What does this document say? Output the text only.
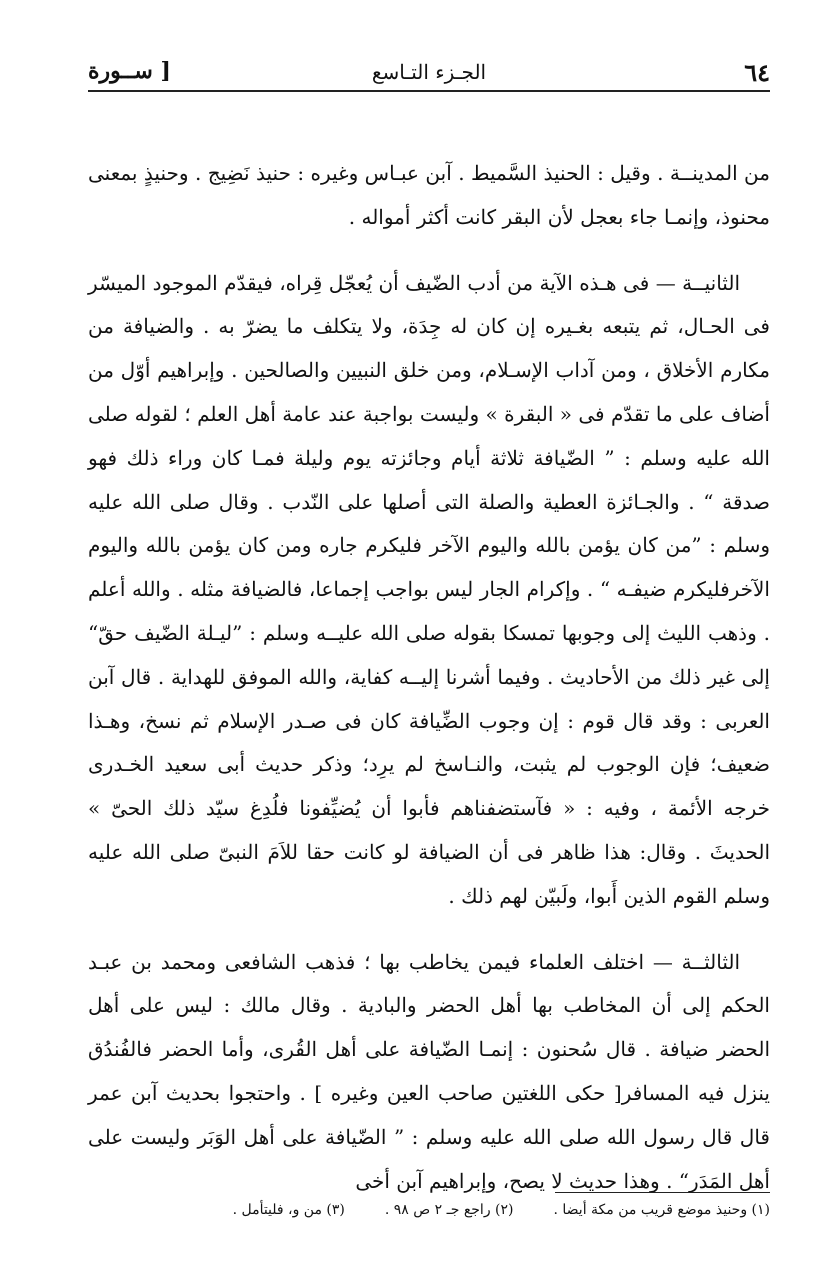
٦٤
الجـزء التـاسع
[ ســورة

من المدينــة . وقيل : الحنيذ السَّميط . آبن عبـاس وغيره : حنيذ نَضِيج . وحنيذٍ بمعنى محنوذ، وإنمـا جاء بعجل لأن البقر كانت أكثر أمواله .

الثانيــة — فى هـذه الآية من أدب الضّيف أن يُعجّل قِراه، فيقدّم الموجود الميسّر فى الحـال، ثم يتبعه بغـيره إن كان له جِدَة، ولا يتكلف ما يضرّ به . والضيافة من مكارم الأخلاق ، ومن آداب الإسـلام، ومن خلق النبيين والصالحين . وإبراهيم أوّل من أضاف على ما تقدّم فى « البقرة » وليست بواجبة عند عامة أهل العلم ؛ لقوله صلى الله عليه وسلم : ” الضّيافة ثلاثة أيام وجائزته يوم وليلة فمـا كان وراء ذلك فهو صدقة “ . والجـائزة العطية والصلة التى أصلها على النّدب . وقال صلى الله عليه وسلم : ”من كان يؤمن بالله واليوم الآخر فليكرم جاره ومن كان يؤمن بالله واليوم الآخرفليكرم ضيفـه “ . وإكرام الجار ليس بواجب إجماعا، فالضيافة مثله . والله أعلم . وذهب الليث إلى وجوبها تمسكا بقوله صلى الله عليــه وسلم : ”ليـلة الضّيف حقّ“ إلى غير ذلك من الأحاديث . وفيما أشرنا إليــه كفاية، والله الموفق للهداية . قال آبن العربى : وقد قال قوم : إن وجوب الضِّيافة كان فى صـدر الإسلام ثم نسخ، وهـذا ضعيف؛ فإن الوجوب لم يثبت، والنـاسخ لم يرِد؛ وذكر حديث أبى سعيد الخـدرى خرجه الأئمة ، وفيه : « فآستضفناهم فأبوا أن يُضيِّفونا فلُدِغ سيّد ذلك الحىّ » الحديثَ . وقال: هذا ظاهر فى أن الضيافة لو كانت حقا للاَمَ النبىّ صلى الله عليه وسلم القوم الذين أَبوا، ولَبيّن لهم ذلك .

الثالثــة — اختلف العلماء فيمن يخاطب بها ؛ فذهب الشافعى ومحمد بن عبـد الحكم إلى أن المخاطب بها أهل الحضر والبادية . وقال مالك : ليس على أهل الحضر ضيافة . قال سُحنون : إنمـا الضّيافة على أهل القُرى، وأما الحضر فالفُندُق ينزل فيه المسافر[ حكى اللغتين صاحب العين وغيره ] . واحتجوا بحديث آبن عمر قال قال رسول الله صلى الله عليه وسلم : ” الضّيافة على أهل الوَبَر وليست على أهل المَدَر“ . وهذا حديث لا يصح، وإبراهيم آبن أخى

(١) وحنيذ موضع قريب من مكة أيضا .
(٢) راجع جـ ٢ ص ٩٨ .
(٣) من و، فليتأمل .
